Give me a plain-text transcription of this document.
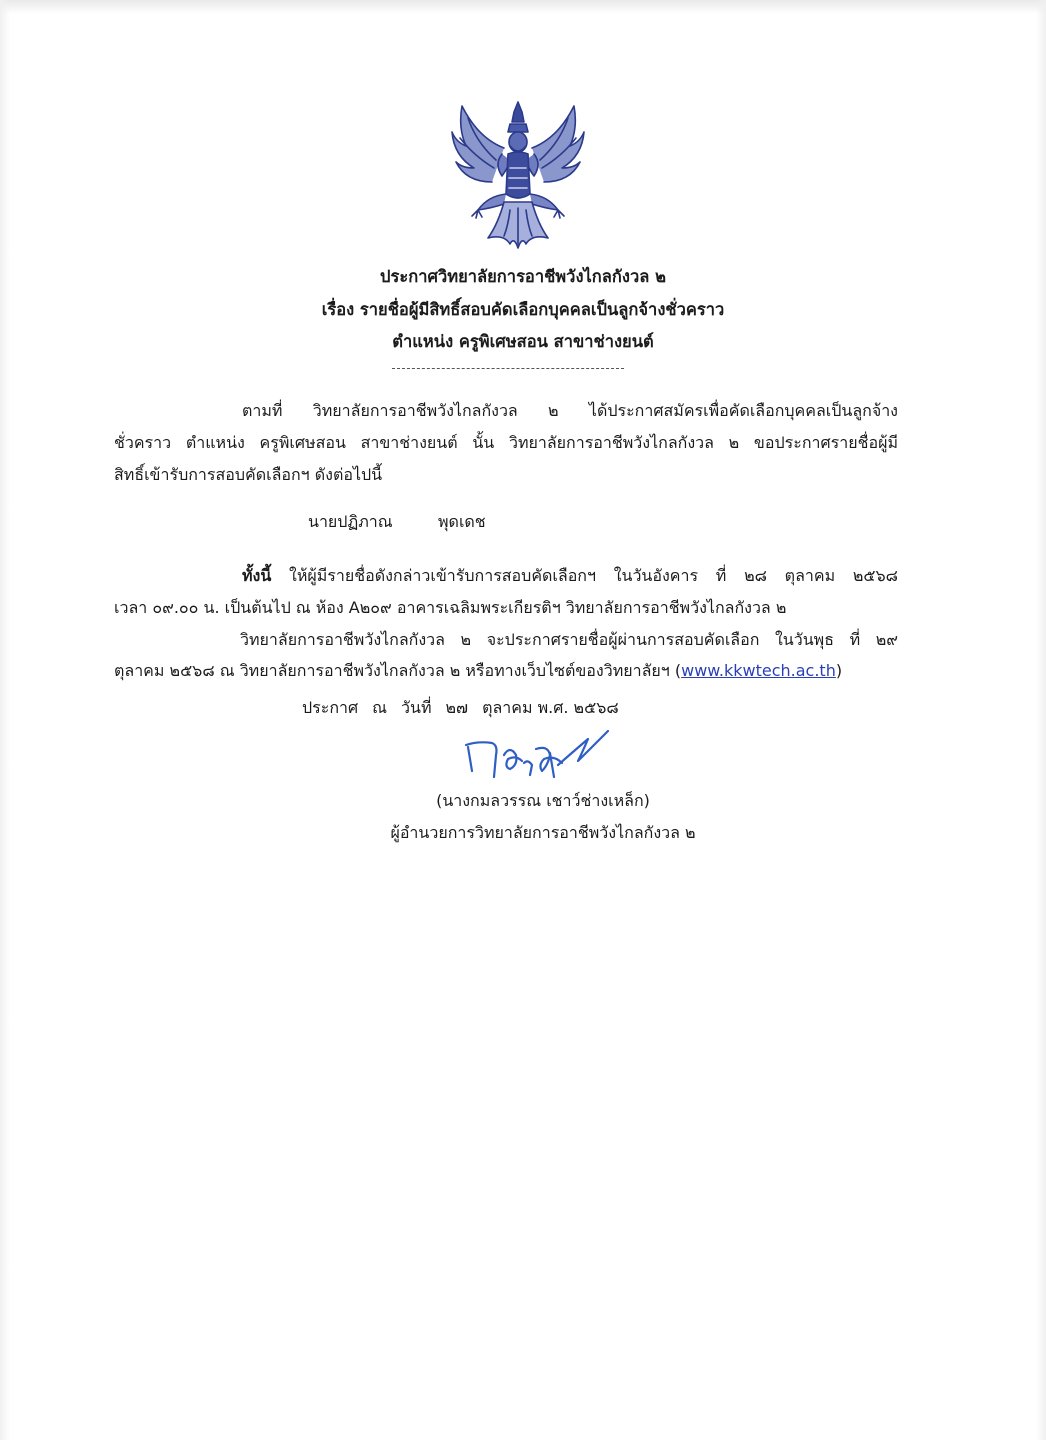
ประกาศวิทยาลัยการอาชีพวังไกลกังวล ๒
เรื่อง รายชื่อผู้มีสิทธิ์สอบคัดเลือกบุคคลเป็นลูกจ้างชั่วคราว
ตำแหน่ง ครูพิเศษสอน สาขาช่างยนต์
ตามที่ วิทยาลัยการอาชีพวังไกลกังวล ๒ ได้ประกาศสมัครเพื่อคัดเลือกบุคคลเป็นลูกจ้าง
ชั่วคราว ตำแหน่ง ครูพิเศษสอน สาขาช่างยนต์ นั้น วิทยาลัยการอาชีพวังไกลกังวล ๒ ขอประกาศรายชื่อผู้มี
สิทธิ์เข้ารับการสอบคัดเลือกฯ ดังต่อไปนี้
นายปฏิภาณ	พุดเดช
ทั้งนี้ ให้ผู้มีรายชื่อดังกล่าวเข้ารับการสอบคัดเลือกฯ ในวันอังคาร ที่ ๒๘ ตุลาคม ๒๕๖๘
เวลา ๐๙.๐๐ น. เป็นต้นไป ณ ห้อง A๒๐๙ อาคารเฉลิมพระเกียรติฯ วิทยาลัยการอาชีพวังไกลกังวล ๒
วิทยาลัยการอาชีพวังไกลกังวล ๒ จะประกาศรายชื่อผู้ผ่านการสอบคัดเลือก ในวันพุธ ที่ ๒๙
ตุลาคม ๒๕๖๘ ณ วิทยาลัยการอาชีพวังไกลกังวล ๒ หรือทางเว็บไซต์ของวิทยาลัยฯ (www.kkwtech.ac.th)
ประกาศ ณ วันที่ ๒๗ ตุลาคม พ.ศ. ๒๕๖๘
(นางกมลวรรณ เชาว์ช่างเหล็ก)
ผู้อำนวยการวิทยาลัยการอาชีพวังไกลกังวล ๒
